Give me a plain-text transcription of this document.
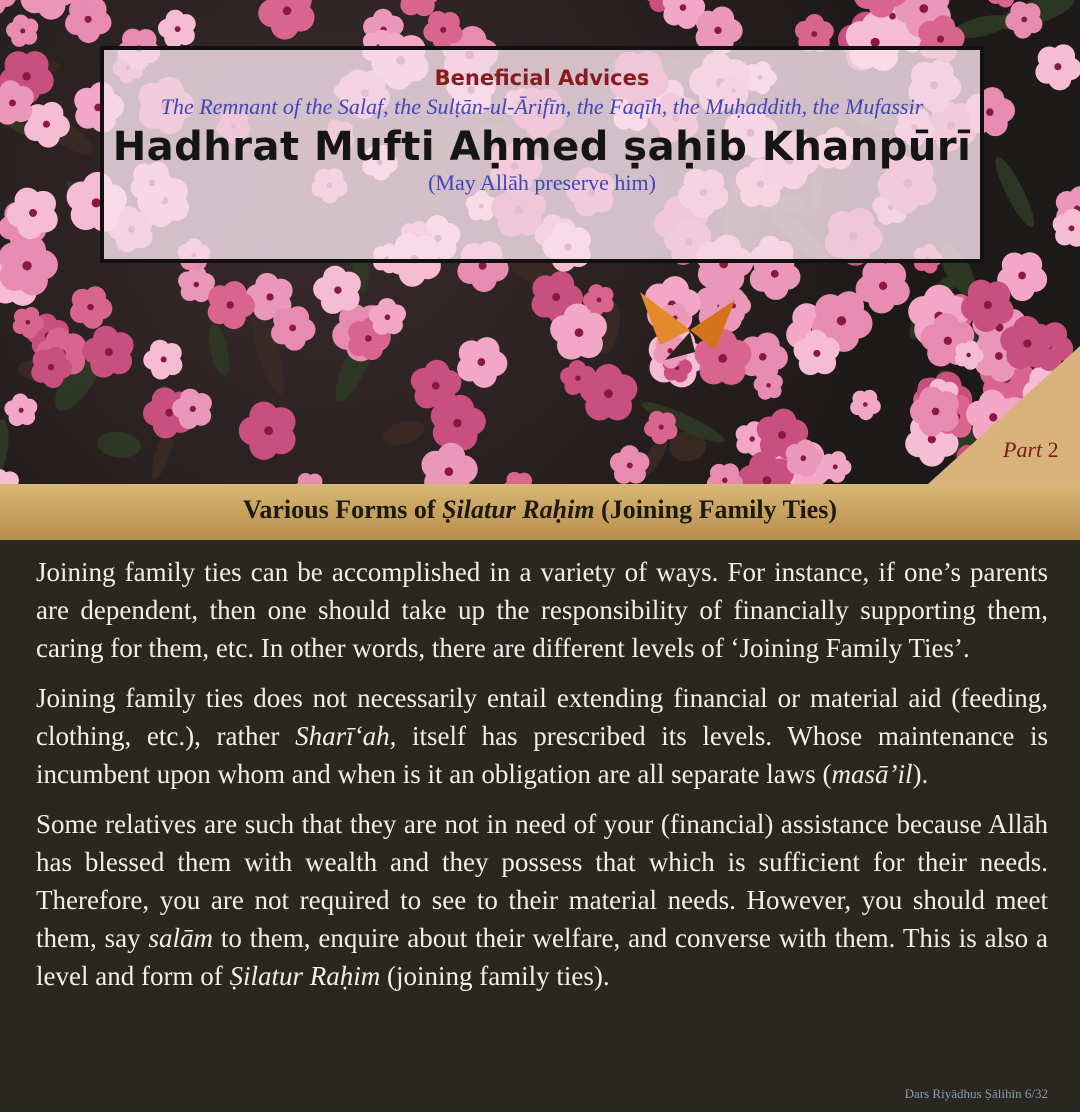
Beneficial Advices
The Remnant of the Salaf, the Sulṭān-ul-Ārifīn, the Faqīh, the Muḥaddith, the Mufassir
Hadhrat Mufti Aḥmed ṣaḥib Khanpūrī
(May Allāh preserve him)
Part 2
Various Forms of Ṣilatur Raḥim (Joining Family Ties)

Joining family ties can be accomplished in a variety of ways. For instance, if one’s parents are dependent, then one should take up the responsibility of financially supporting them, caring for them, etc. In other words, there are different levels of ‘Joining Family Ties’.

Joining family ties does not necessarily entail extending financial or material aid (feeding, clothing, etc.), rather Sharī‘ah, itself has prescribed its levels. Whose maintenance is incumbent upon whom and when is it an obligation are all separate laws (masā’il).

Some relatives are such that they are not in need of your (financial) assistance because Allāh has blessed them with wealth and they possess that which is sufficient for their needs. Therefore, you are not required to see to their material needs. However, you should meet them, say salām to them, enquire about their welfare, and converse with them. This is also a level and form of Ṣilatur Raḥim (joining family ties).

Dars Riyādhus Ṣālihīn 6/32
